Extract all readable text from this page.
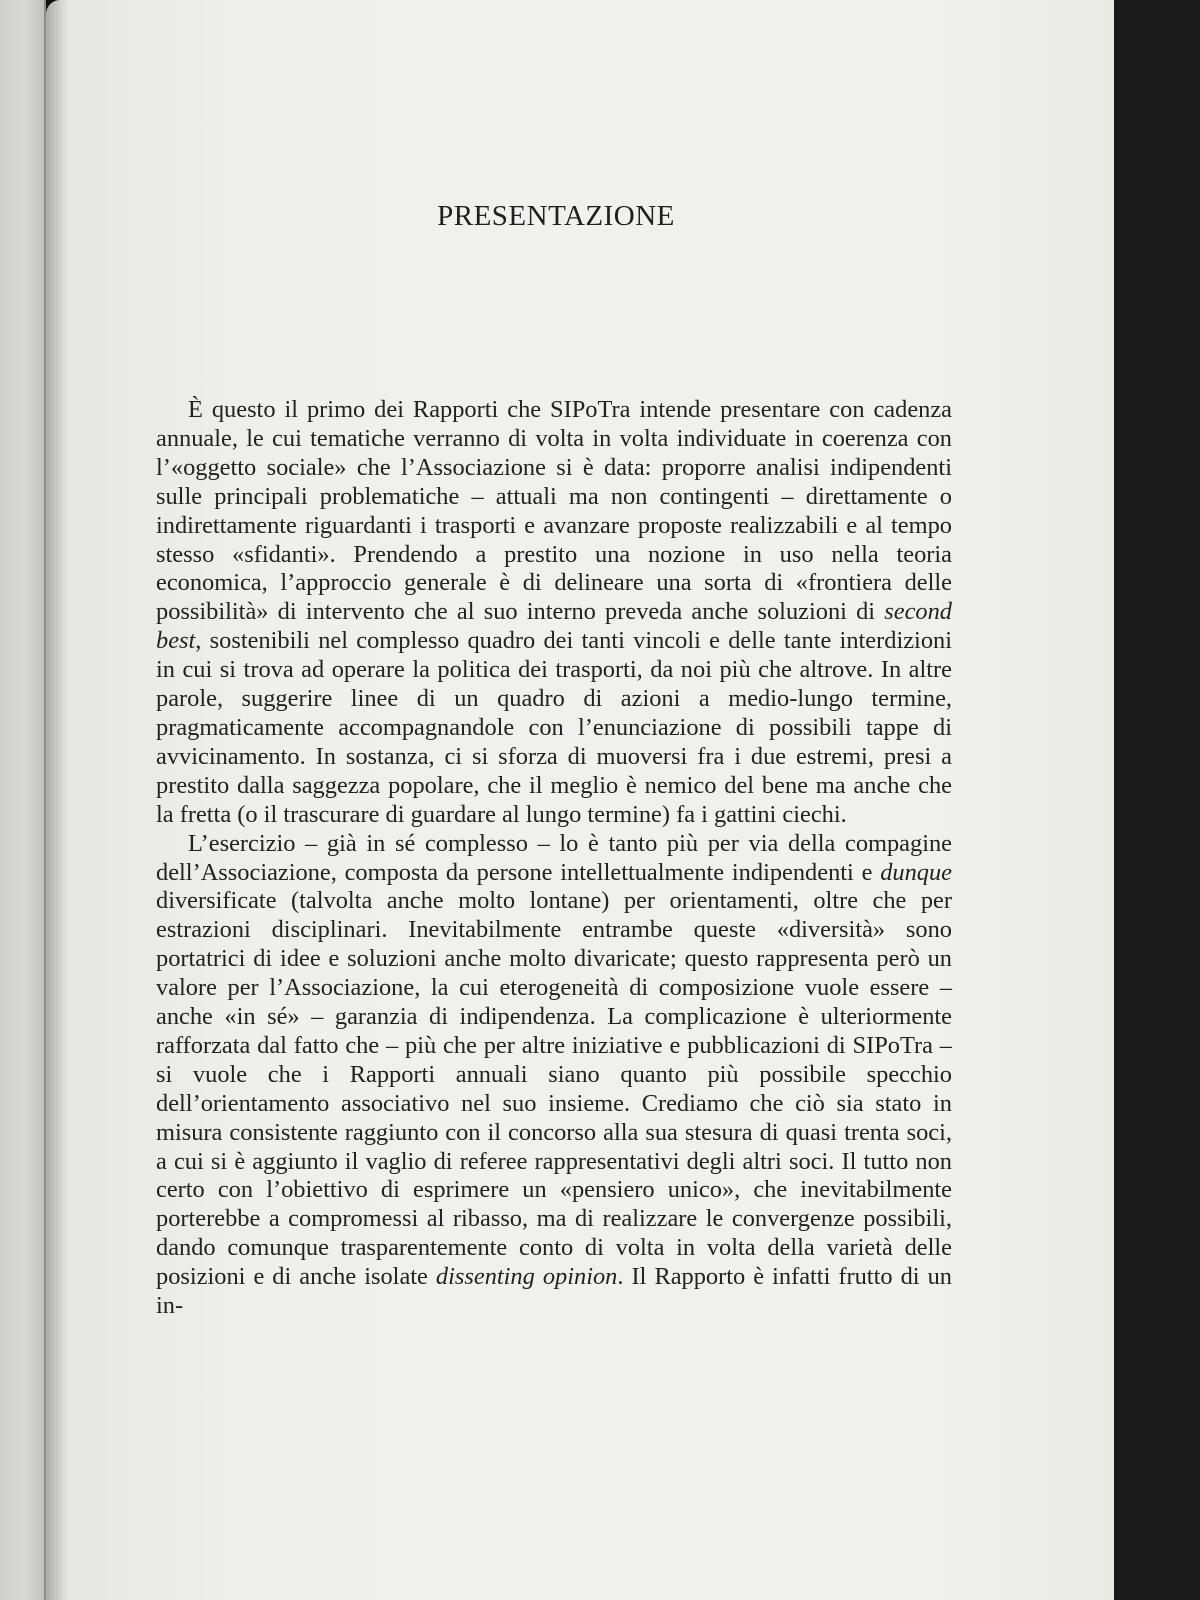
PRESENTAZIONE

È questo il primo dei Rapporti che SIPoTra intende presentare con cadenza annuale, le cui tematiche verranno di volta in volta individuate in coerenza con l’«oggetto sociale» che l’Associazione si è data: proporre analisi indipendenti sulle principali problematiche – attuali ma non contingenti – direttamente o indirettamente riguardanti i trasporti e avanzare proposte realizzabili e al tempo stesso «sfidanti». Prendendo a prestito una nozione in uso nella teoria economica, l’approccio generale è di delineare una sorta di «frontiera delle possibilità» di intervento che al suo interno preveda anche soluzioni di second best, sostenibili nel complesso quadro dei tanti vincoli e delle tante interdizioni in cui si trova ad operare la politica dei trasporti, da noi più che altrove. In altre parole, suggerire linee di un quadro di azioni a medio-lungo termine, pragmaticamente accompagnandole con l’enunciazione di possibili tappe di avvicinamento. In sostanza, ci si sforza di muoversi fra i due estremi, presi a prestito dalla saggezza popolare, che il meglio è nemico del bene ma anche che la fretta (o il trascurare di guardare al lungo termine) fa i gattini ciechi.

L’esercizio – già in sé complesso – lo è tanto più per via della compagine dell’Associazione, composta da persone intellettualmente indipendenti e dunque diversificate (talvolta anche molto lontane) per orientamenti, oltre che per estrazioni disciplinari. Inevitabilmente entrambe queste «diversità» sono portatrici di idee e soluzioni anche molto divaricate; questo rappresenta però un valore per l’Associazione, la cui eterogeneità di composizione vuole essere – anche «in sé» – garanzia di indipendenza. La complicazione è ulteriormente rafforzata dal fatto che – più che per altre iniziative e pubblicazioni di SIPoTra – si vuole che i Rapporti annuali siano quanto più possibile specchio dell’orientamento associativo nel suo insieme. Crediamo che ciò sia stato in misura consistente raggiunto con il concorso alla sua stesura di quasi trenta soci, a cui si è aggiunto il vaglio di referee rappresentativi degli altri soci. Il tutto non certo con l’obiettivo di esprimere un «pensiero unico», che inevitabilmente porterebbe a compromessi al ribasso, ma di realizzare le convergenze possibili, dando comunque trasparentemente conto di volta in volta della varietà delle posizioni e di anche isolate dissenting opinion. Il Rapporto è infatti frutto di un in-
